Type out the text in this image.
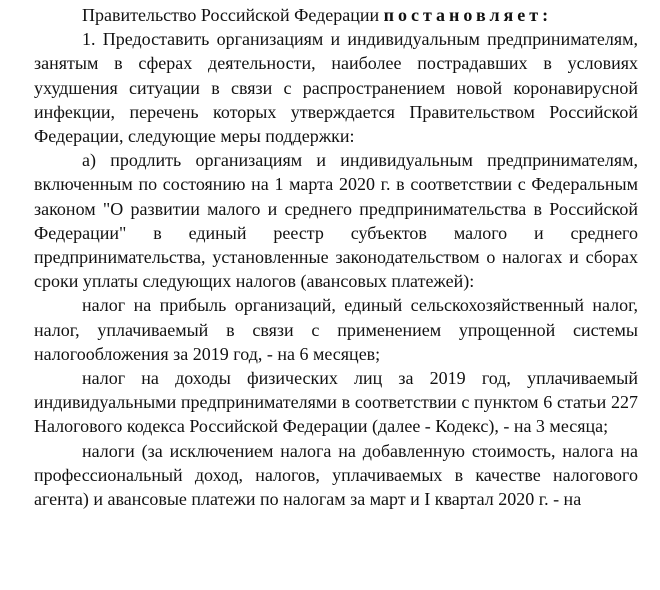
Правительство Российской Федерации постановляет:

1. Предоставить организациям и индивидуальным предпринимателям, занятым в сферах деятельности, наиболее пострадавших в условиях ухудшения ситуации в связи с распространением новой коронавирусной инфекции, перечень которых утверждается Правительством Российской Федерации, следующие меры поддержки:

а) продлить организациям и индивидуальным предпринимателям, включенным по состоянию на 1 марта 2020 г. в соответствии с Федеральным законом "О развитии малого и среднего предпринимательства в Российской Федерации" в единый реестр субъектов малого и среднего предпринимательства, установленные законодательством о налогах и сборах сроки уплаты следующих налогов (авансовых платежей):

налог на прибыль организаций, единый сельскохозяйственный налог, налог, уплачиваемый в связи с применением упрощенной системы налогообложения за 2019 год, - на 6 месяцев;

налог на доходы физических лиц за 2019 год, уплачиваемый индивидуальными предпринимателями в соответствии с пунктом 6 статьи 227 Налогового кодекса Российской Федерации (далее - Кодекс), - на 3 месяца;

налоги (за исключением налога на добавленную стоимость, налога на профессиональный доход, налогов, уплачиваемых в качестве налогового агента) и авансовые платежи по налогам за март и I квартал 2020 г. - на
